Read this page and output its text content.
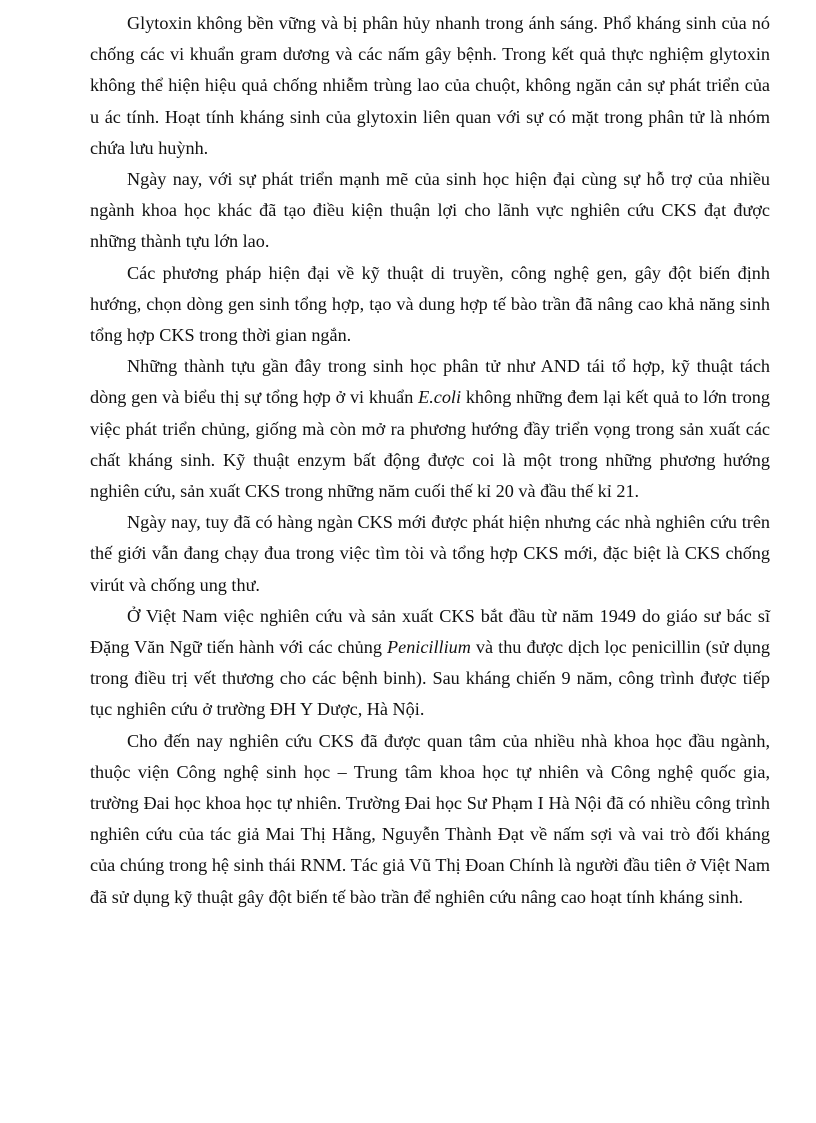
Glytoxin không bền vững và bị phân hủy nhanh trong ánh sáng. Phổ kháng sinh của nó chống các vi khuẩn gram dương và các nấm gây bệnh. Trong kết quả thực nghiệm glytoxin không thể hiện hiệu quả chống nhiễm trùng lao của chuột, không ngăn cản sự phát triển của u ác tính. Hoạt tính kháng sinh của glytoxin liên quan với sự có mặt trong phân tử là nhóm chứa lưu huỳnh.

Ngày nay, với sự phát triển mạnh mẽ của sinh học hiện đại cùng sự hỗ trợ của nhiều ngành khoa học khác đã tạo điều kiện thuận lợi cho lãnh vực nghiên cứu CKS đạt được những thành tựu lớn lao.

Các phương pháp hiện đại về kỹ thuật di truyền, công nghệ gen, gây đột biến định hướng, chọn dòng gen sinh tổng hợp, tạo và dung hợp tế bào trần đã nâng cao khả năng sinh tổng hợp CKS trong thời gian ngắn.

Những thành tựu gần đây trong sinh học phân tử như AND tái tổ hợp, kỹ thuật tách dòng gen và biểu thị sự tổng hợp ở vi khuẩn E.coli không những đem lại kết quả to lớn trong việc phát triển chủng, giống mà còn mở ra phương hướng đầy triển vọng trong sản xuất các chất kháng sinh. Kỹ thuật enzym bất động được coi là một trong những phương hướng nghiên cứu, sản xuất CKS trong những năm cuối thế kỉ 20 và đầu thế kỉ 21.

Ngày nay, tuy đã có hàng ngàn CKS mới được phát hiện nhưng các nhà nghiên cứu trên thế giới vẫn đang chạy đua trong việc tìm tòi và tổng hợp CKS mới, đặc biệt là CKS chống virút và chống ung thư.

Ở Việt Nam việc nghiên cứu và sản xuất CKS bắt đầu từ năm 1949 do giáo sư bác sĩ Đặng Văn Ngữ tiến hành với các chủng Penicillium và thu được dịch lọc penicillin (sử dụng trong điều trị vết thương cho các bệnh binh). Sau kháng chiến 9 năm, công trình được tiếp tục nghiên cứu ở trường ĐH Y Dược, Hà Nội.

Cho đến nay nghiên cứu CKS đã được quan tâm của nhiều nhà khoa học đầu ngành, thuộc viện Công nghệ sinh học – Trung tâm khoa học tự nhiên và Công nghệ quốc gia, trường Đai học khoa học tự nhiên. Trường Đai học Sư Phạm I Hà Nội đã có nhiều công trình nghiên cứu của tác giả Mai Thị Hằng, Nguyễn Thành Đạt về nấm sợi và vai trò đối kháng của chúng trong hệ sinh thái RNM. Tác giả Vũ Thị Đoan Chính là người đầu tiên ở Việt Nam đã sử dụng kỹ thuật gây đột biến tế bào trần để nghiên cứu nâng cao hoạt tính kháng sinh.
